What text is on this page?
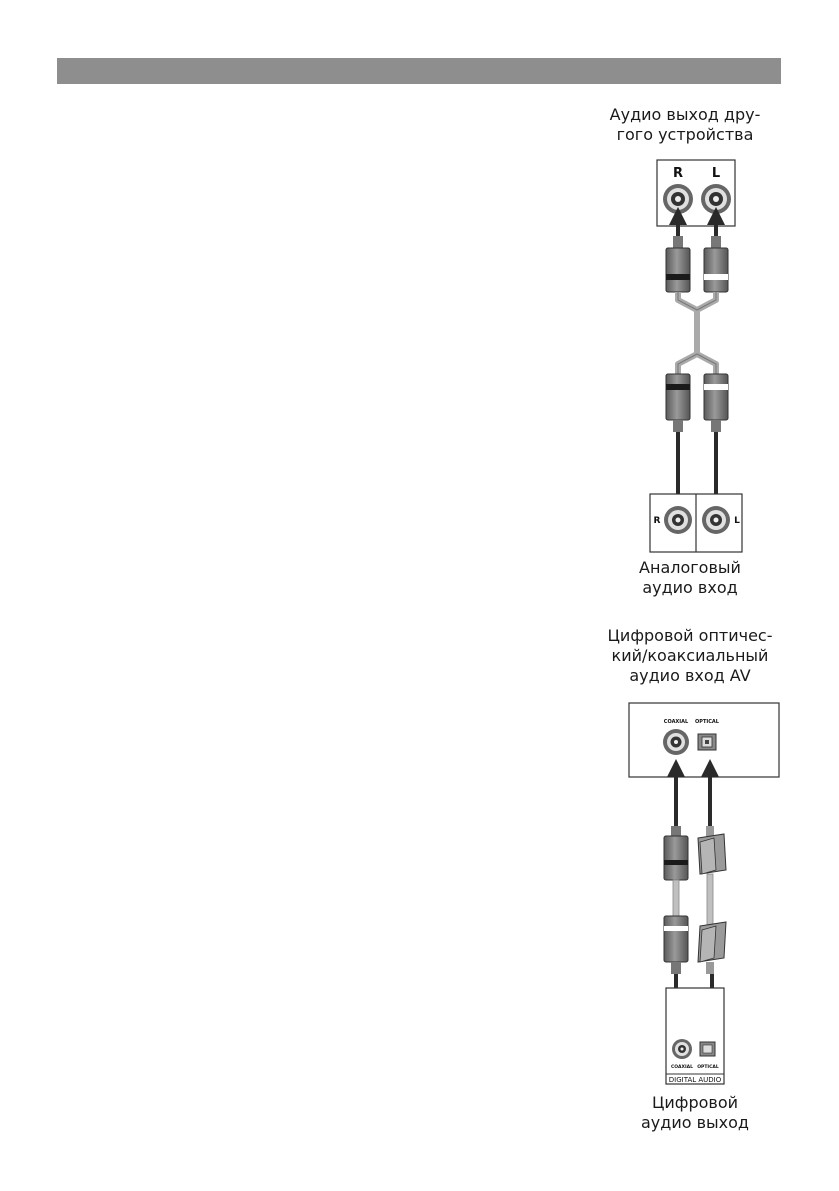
Аудио выход дру-
гого устройства
Аналоговый
аудио вход
Цифровой оптичес-
кий/коаксиальный
аудио вход AV
Цифровой
аудио выход
R L
R	L
COAXIAL OPTICAL
COAXIAL OPTICAL
DIGITAL AUDIO
